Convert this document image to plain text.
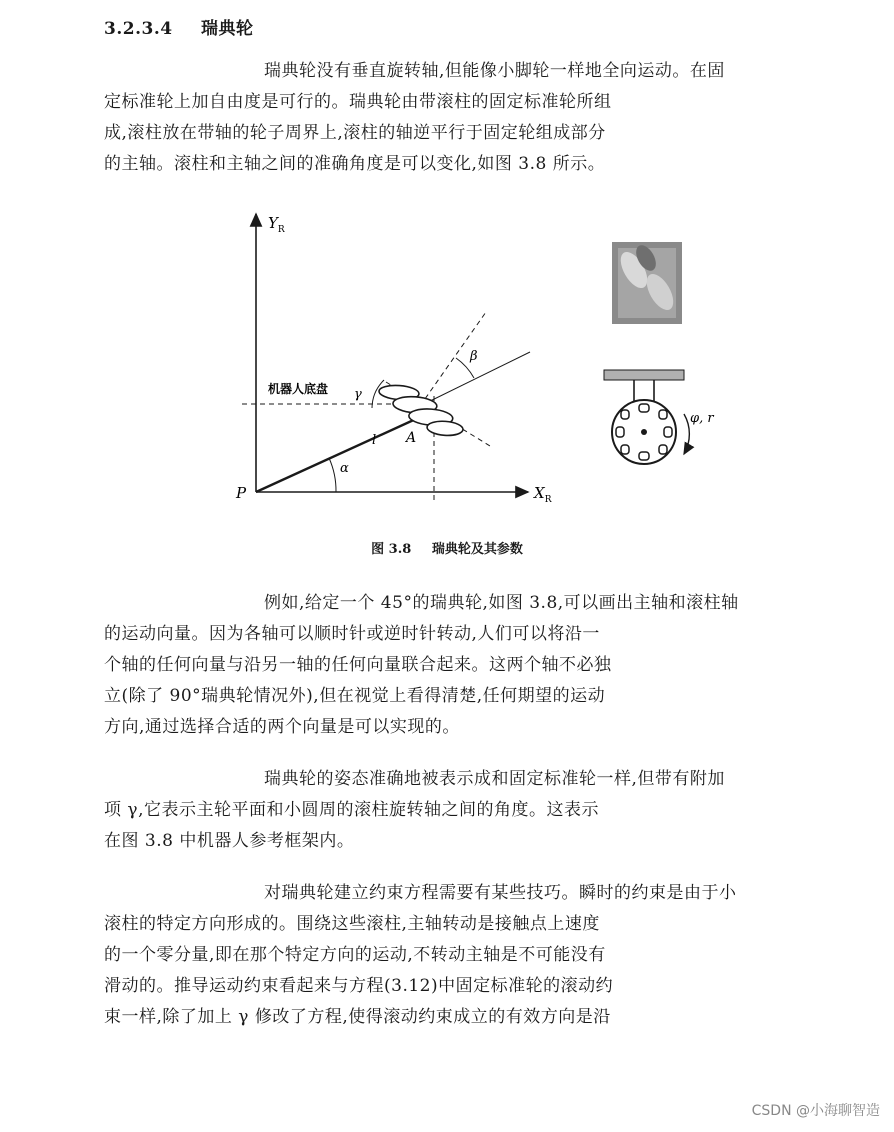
3.2.3.4 瑞典轮
瑞典轮没有垂直旋转轴,但能像小脚轮一样地全向运动。在固
定标准轮上加自由度是可行的。瑞典轮由带滚柱的固定标准轮所组
成,滚柱放在带轴的轮子周界上,滚柱的轴逆平行于固定轮组成部分
的主轴。滚柱和主轴之间的准确角度是可以变化,如图 3.8 所示。
$Y_R$
$X_R$
P
α
l
机器人底盘 γ
β
A
φ, r
图 3.8 瑞典轮及其参数
例如,给定一个 45°的瑞典轮,如图 3.8,可以画出主轴和滚柱轴
的运动向量。因为各轴可以顺时针或逆时针转动,人们可以将沿一
个轴的任何向量与沿另一轴的任何向量联合起来。这两个轴不必独
立(除了 90°瑞典轮情况外),但在视觉上看得清楚,任何期望的运动
方向,通过选择合适的两个向量是可以实现的。
瑞典轮的姿态准确地被表示成和固定标准轮一样,但带有附加
项 γ,它表示主轮平面和小圆周的滚柱旋转轴之间的角度。这表示
在图 3.8 中机器人参考框架内。
对瑞典轮建立约束方程需要有某些技巧。瞬时的约束是由于小
滚柱的特定方向形成的。围绕这些滚柱,主轴转动是接触点上速度
的一个零分量,即在那个特定方向的运动,不转动主轴是不可能没有
滑动的。推导运动约束看起来与方程(3.12)中固定标准轮的滚动约
束一样,除了加上 γ 修改了方程,使得滚动约束成立的有效方向是沿
CSDN @小海聊智造
